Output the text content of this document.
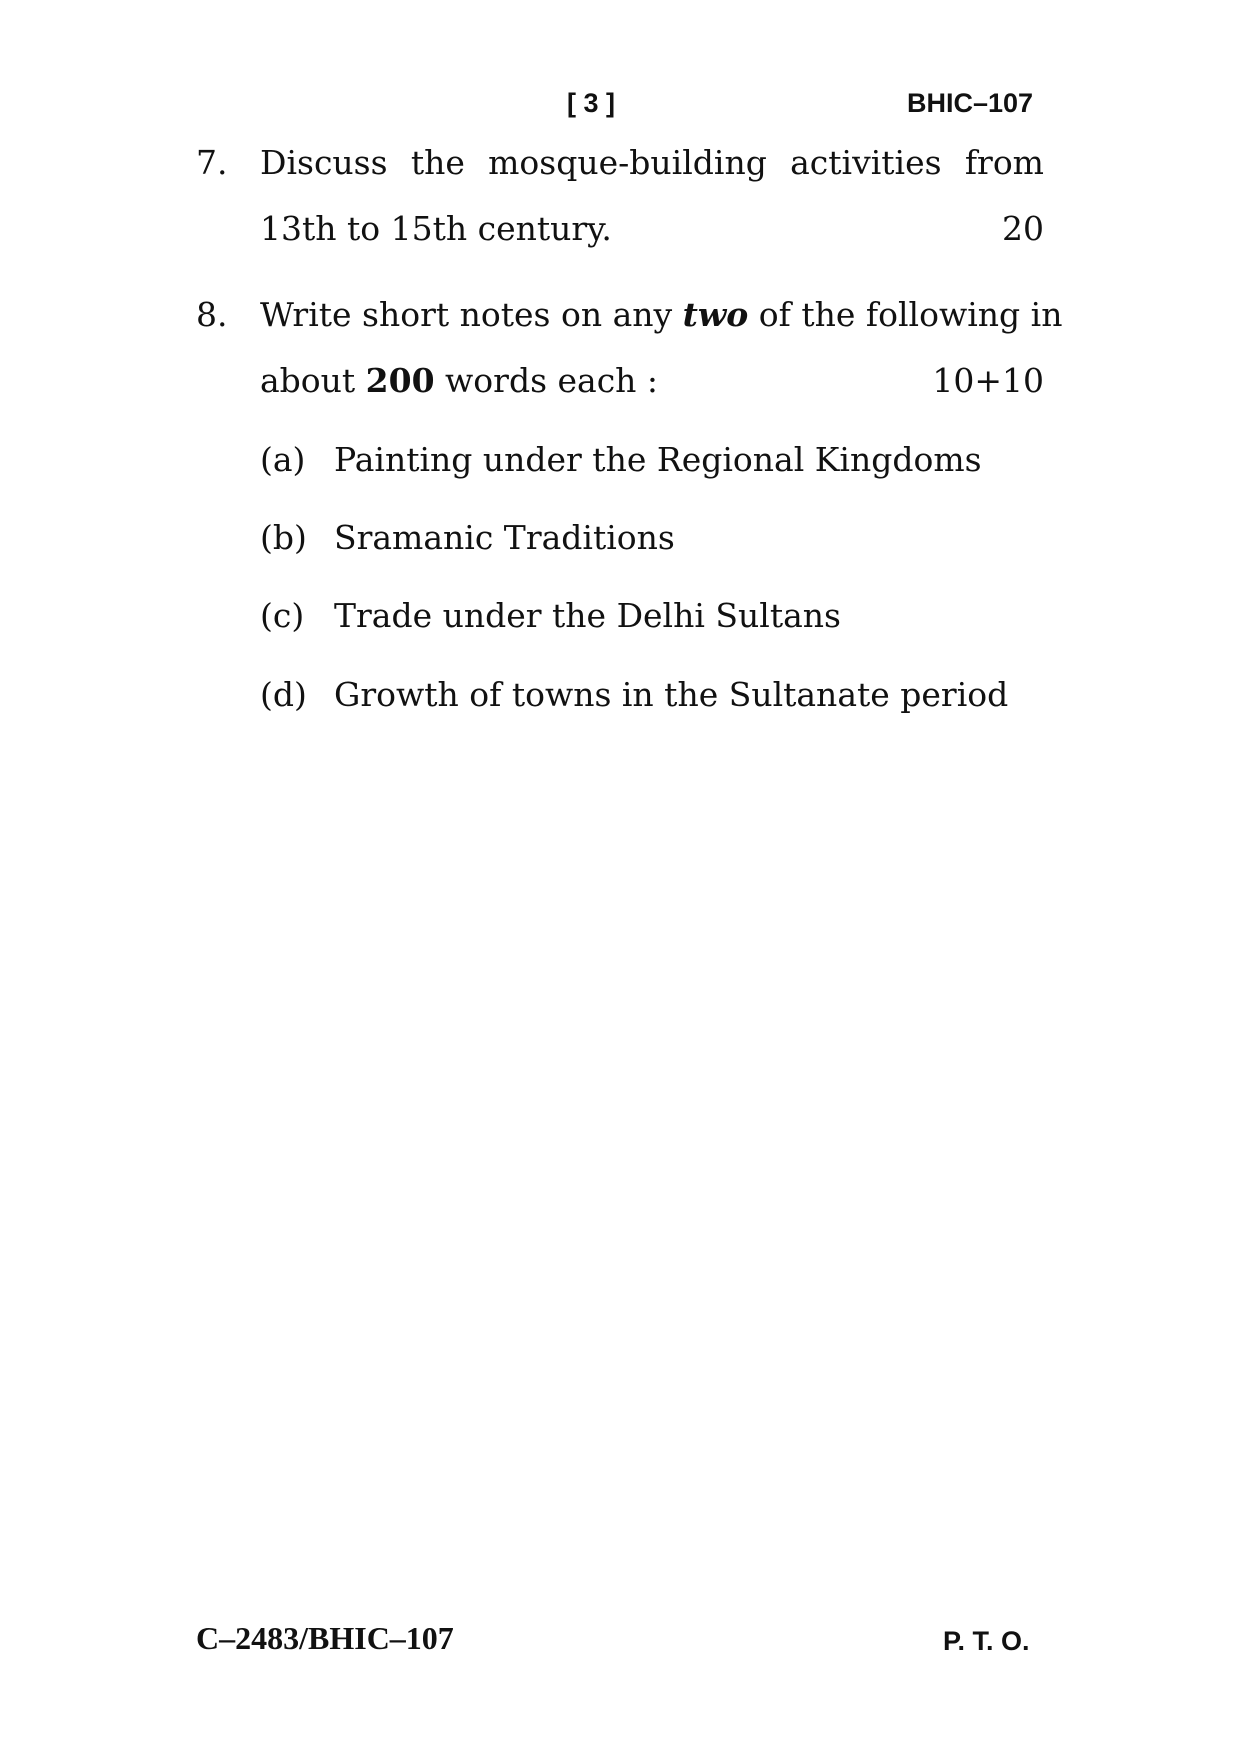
[ 3 ]	BHIC–107
7. Discuss the mosque-building activities from
13th to 15th century.	20
8. Write short notes on any two of the following in
about 200 words each :	10+10
(a) Painting under the Regional Kingdoms
(b) Sramanic Traditions
(c) Trade under the Delhi Sultans
(d) Growth of towns in the Sultanate period
C–2483/BHIC–107	P. T. O.
